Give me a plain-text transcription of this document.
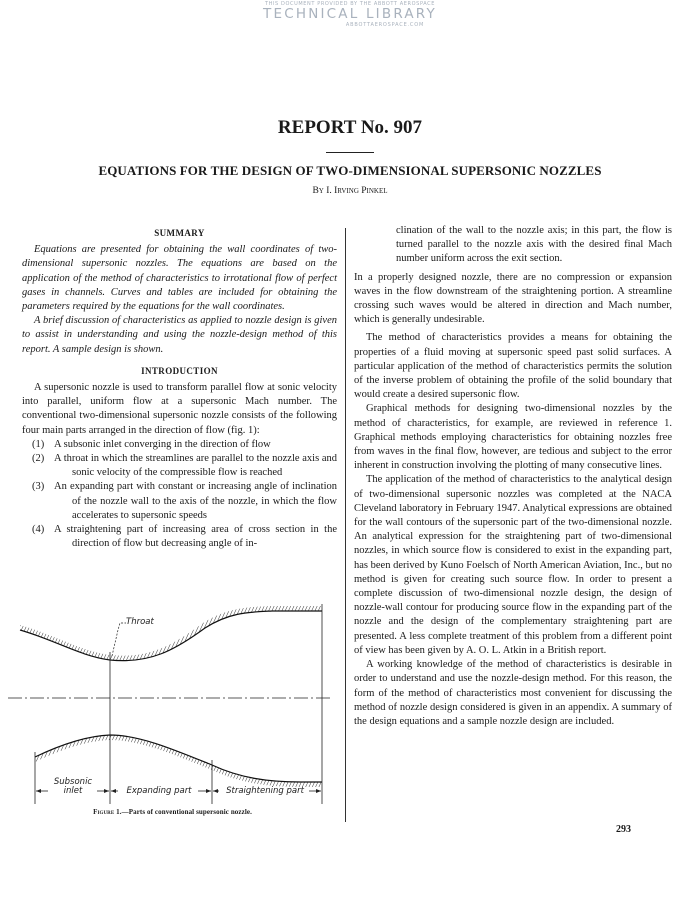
THIS DOCUMENT PROVIDED BY THE ABBOTT AEROSPACE
TECHNICAL LIBRARY
ABBOTTAEROSPACE.COM
REPORT No. 907
EQUATIONS FOR THE DESIGN OF TWO-DIMENSIONAL SUPERSONIC NOZZLES
By I. Irving Pinkel
SUMMARY

Equations are presented for obtaining the wall coordinates of two-dimensional supersonic nozzles. The equations are based on the application of the method of characteristics to irrotational flow of perfect gases in channels. Curves and tables are included for obtaining the parameters required by the equations for the wall coordinates.

A brief discussion of characteristics as applied to nozzle design is given to assist in understanding and using the nozzle-design method of this report. A sample design is shown.

INTRODUCTION

A supersonic nozzle is used to transform parallel flow at sonic velocity into parallel, uniform flow at a supersonic Mach number. The conventional two-dimensional supersonic nozzle consists of the following four main parts arranged in the direction of flow (fig. 1):

(1) A subsonic inlet converging in the direction of flow

(2) A throat in which the streamlines are parallel to the nozzle axis and sonic velocity of the compressible flow is reached

(3) An expanding part with constant or increasing angle of inclination of the nozzle wall to the axis of the nozzle, in which the flow accelerates to supersonic speeds

(4) A straightening part of increasing area of cross section in the direction of flow but decreasing angle of in-

Throat
Subsonic
inlet	Expanding part	Straightening part
Figure 1.—Parts of conventional supersonic nozzle.

clination of the wall to the nozzle axis; in this part, the flow is turned parallel to the nozzle axis with the desired final Mach number uniform across the exit section.

In a properly designed nozzle, there are no compression or expansion waves in the flow downstream of the straightening portion. A streamline crossing such waves would be altered in direction and Mach number, which is generally undesirable.

The method of characteristics provides a means for obtaining the properties of a fluid moving at supersonic speed past solid surfaces. A particular application of the method of characteristics permits the solution of the inverse problem of obtaining the profile of the solid boundary that would create a desired supersonic flow.

Graphical methods for designing two-dimensional nozzles by the method of characteristics, for example, are reviewed in reference 1. Graphical methods employing characteristics for obtaining nozzles free from waves in the final flow, however, are tedious and subject to the error inherent in construction involving the plotting of many consecutive lines.

The application of the method of characteristics to the analytical design of two-dimensional supersonic nozzles was completed at the NACA Cleveland laboratory in February 1947. Analytical expressions are obtained for the wall contours of the supersonic part of the two-dimensional nozzle. An analytical expression for the straightening part of two-dimensional nozzles, in which source flow is considered to exist in the expanding part, has been derived by Kuno Foelsch of North American Aviation, Inc., but no method is given for creating such source flow. In order to present a complete discussion of two-dimensional nozzle design, the design of nozzle-wall contour for producing source flow in the expanding part of the nozzle and the design of the complementary straightening part are presented. A less complete treatment of this problem from a different point of view has been given by A. O. L. Atkin in a British report.

A working knowledge of the method of characteristics is desirable in order to understand and use the nozzle-design method. For this reason, the form of the method of characteristics most convenient for discussing the method of nozzle design considered is given in an appendix. A summary of the design equations and a sample nozzle design are included.

293
